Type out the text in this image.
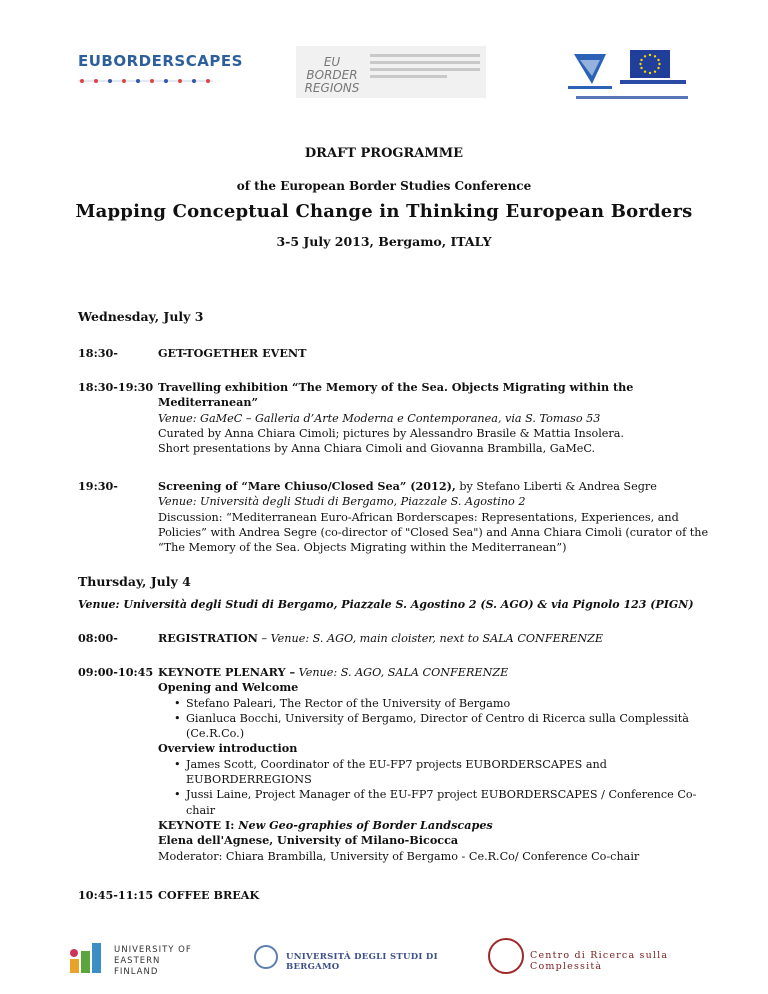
EUBORDERSCAPES	EU BORDER REGIONS
DRAFT PROGRAMME
of the European Border Studies Conference
Mapping Conceptual Change in Thinking European Borders
3-5 July 2013, Bergamo, ITALY
Wednesday, July 3
18:30-	GET-TOGETHER EVENT
18:30-19:30 Travelling exhibition “The Memory of the Sea. Objects Migrating within the Mediterranean”
Venue: GaMeC – Galleria d’Arte Moderna e Contemporanea, via S. Tomaso 53
Curated by Anna Chiara Cimoli; pictures by Alessandro Brasile & Mattia Insolera.
Short presentations by Anna Chiara Cimoli and Giovanna Brambilla, GaMeC.
19:30-	Screening of “Mare Chiuso/Closed Sea” (2012), by Stefano Liberti & Andrea Segre
Venue: Università degli Studi di Bergamo, Piazzale S. Agostino 2
Discussion: “Mediterranean Euro-African Borderscapes: Representations, Experiences, and Policies” with Andrea Segre (co-director of "Closed Sea") and Anna Chiara Cimoli (curator of the “The Memory of the Sea. Objects Migrating within the Mediterranean”)
Thursday, July 4
Venue: Università degli Studi di Bergamo, Piazzale S. Agostino 2 (S. AGO) & via Pignolo 123 (PIGN)
08:00-	REGISTRATION – Venue: S. AGO, main cloister, next to SALA CONFERENZE
09:00-10:45 KEYNOTE PLENARY – Venue: S. AGO, SALA CONFERENZE
Opening and Welcome
• Stefano Paleari, The Rector of the University of Bergamo
• Gianluca Bocchi, University of Bergamo, Director of Centro di Ricerca sulla Complessità (Ce.R.Co.)
Overview introduction
• James Scott, Coordinator of the EU-FP7 projects EUBORDERSCAPES and EUBORDERREGIONS
• Jussi Laine, Project Manager of the EU-FP7 project EUBORDERSCAPES / Conference Co-chair
KEYNOTE I: New Geo-graphies of Border Landscapes
Elena dell'Agnese, University of Milano-Bicocca
Moderator: Chiara Brambilla, University of Bergamo - Ce.R.Co/ Conference Co-chair
10:45-11:15 COFFEE BREAK
UNIVERSITY OF
EASTERN FINLAND
UNIVERSITÀ DEGLI STUDI DI BERGAMO
Centro di Ricerca sulla Complessità
